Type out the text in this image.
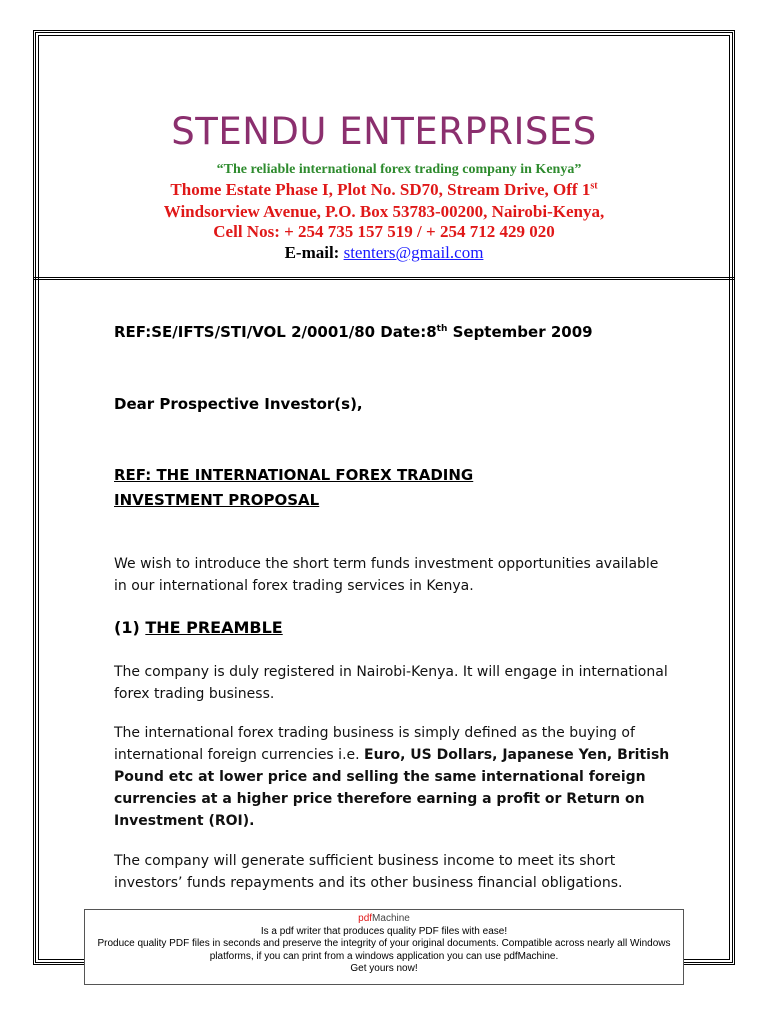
STENDU ENTERPRISES
“The reliable international forex trading company in Kenya”
Thome Estate Phase I, Plot No. SD70, Stream Drive, Off 1st
Windsorview Avenue, P.O. Box 53783-00200, Nairobi-Kenya,
Cell Nos: + 254 735 157 519 / + 254 712 429 020
E-mail: stenters@gmail.com
REF:SE/IFTS/STI/VOL 2/0001/80 Date:8th September 2009
Dear Prospective Investor(s),
REF: THE INTERNATIONAL FOREX TRADING
INVESTMENT PROPOSAL
We wish to introduce the short term funds investment opportunities available in our international forex trading services in Kenya.
(1) THE PREAMBLE
The company is duly registered in Nairobi-Kenya. It will engage in international forex trading business.
The international forex trading business is simply defined as the buying of international foreign currencies i.e. Euro, US Dollars, Japanese Yen, British Pound etc at lower price and selling the same international foreign currencies at a higher price therefore earning a profit or Return on Investment (ROI).
The company will generate sufficient business income to meet its short investors’ funds repayments and its other business financial obligations.
pdfMachine
Is a pdf writer that produces quality PDF files with ease!
Produce quality PDF files in seconds and preserve the integrity of your original documents. Compatible across nearly all Windows platforms, if you can print from a windows application you can use pdfMachine.
Get yours now!
